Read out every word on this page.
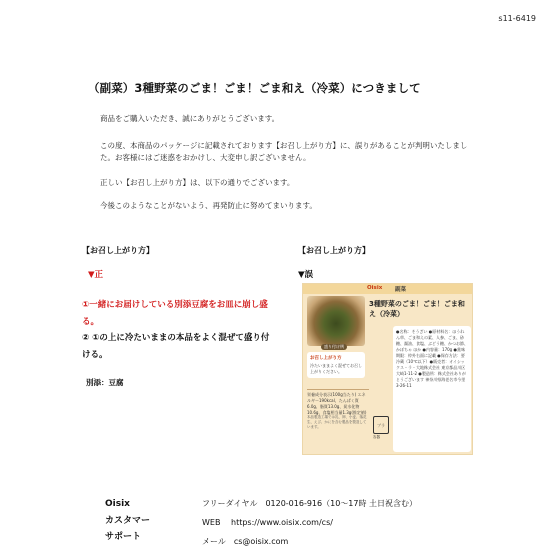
s11-6419
（副菜）3種野菜のごま！ごま！ごま和え（冷菜）につきまして

商品をご購入いただき、誠にありがとうございます。

この度、本商品のパッケージに記載されております【お召し上がり方】に、誤りがあることが判明いたしました。お客様にはご迷惑をおかけし、大変申し訳ございません。

正しい【お召し上がり方】は、以下の通りでございます。

今後このようなことがないよう、再発防止に努めてまいります。

【お召し上がり方】
▼正
①一緒にお届けしている別添豆腐をお皿に崩し盛る。
② ①の上に冷たいままの本品をよく混ぜて盛り付ける。
別添：豆腐
【お召し上がり方】
▼誤
Oisix 副菜
盛り付け例
3種野菜のごま！ごま！ごま和え（冷菜）
お召し上がり方
冷たいままよく混ぜてお召し上がりください。
栄養成分表示(100g当たり) エネルギー190kcal、たんぱく質6.0g、脂質13.0g、炭水化物10.6g、食塩相当量1.3g(推定値)
本品製造工場では乳、卵、小麦、落花生、えび、かにを含む製品を製造しています。	プラ
容器
●名称：そうざい ●原材料名：ほうれん草、ごま和えの素、人参、ごま、砂糖、醤油、食塩、ぶどう糖、かつお節、かぼちゃ ほか ●内容量：170g ●賞味期限：枠外右面に記載 ●保存方法：要冷蔵（10℃以下）●販売者：オイシックス・ラ・大地株式会社 東京都品川区大崎1-11-2 ●製造所：株式会社ありがとうございます 神奈川県海老名市今里3-26-11
Oisix
カスタマー
サポート
フリーダイヤル　0120-016-916（10～17時 土日祝含む）
WEB　 https://www.oisix.com/cs/
メール　cs@oisix.com
